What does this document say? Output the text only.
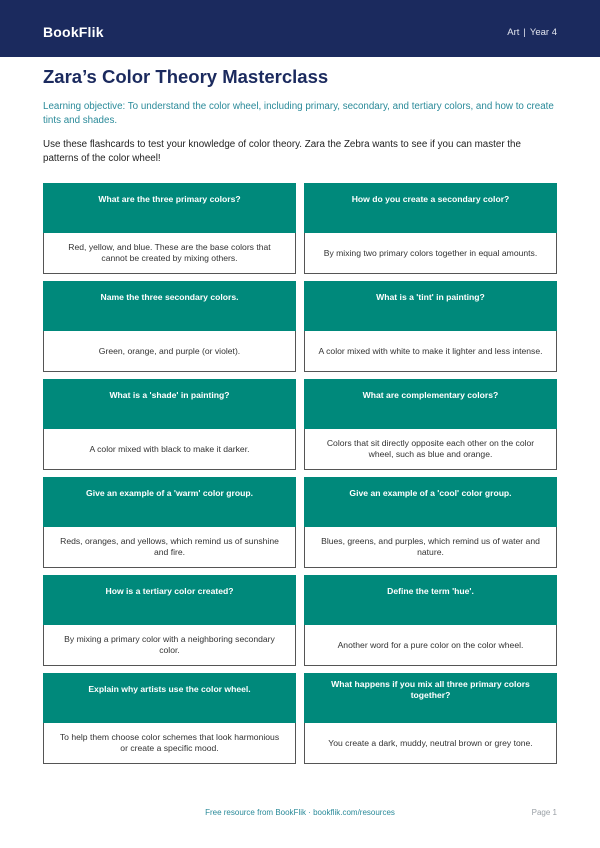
BookFlik	Art | Year 4
Zara’s Color Theory Masterclass
Learning objective: To understand the color wheel, including primary, secondary, and tertiary colors, and how to create tints and shades.
Use these flashcards to test your knowledge of color theory. Zara the Zebra wants to see if you can master the patterns of the color wheel!
What are the three primary colors?
Red, yellow, and blue. These are the base colors that cannot be created by mixing others.
How do you create a secondary color?
By mixing two primary colors together in equal amounts.
Name the three secondary colors.
Green, orange, and purple (or violet).
What is a 'tint' in painting?
A color mixed with white to make it lighter and less intense.
What is a 'shade' in painting?
A color mixed with black to make it darker.
What are complementary colors?
Colors that sit directly opposite each other on the color wheel, such as blue and orange.
Give an example of a 'warm' color group.
Reds, oranges, and yellows, which remind us of sunshine and fire.
Give an example of a 'cool' color group.
Blues, greens, and purples, which remind us of water and nature.
How is a tertiary color created?
By mixing a primary color with a neighboring secondary color.
Define the term 'hue'.
Another word for a pure color on the color wheel.
Explain why artists use the color wheel.
To help them choose color schemes that look harmonious or create a specific mood.
What happens if you mix all three primary colors together?
You create a dark, muddy, neutral brown or grey tone.
Free resource from BookFlik · bookflik.com/resources	Page 1
